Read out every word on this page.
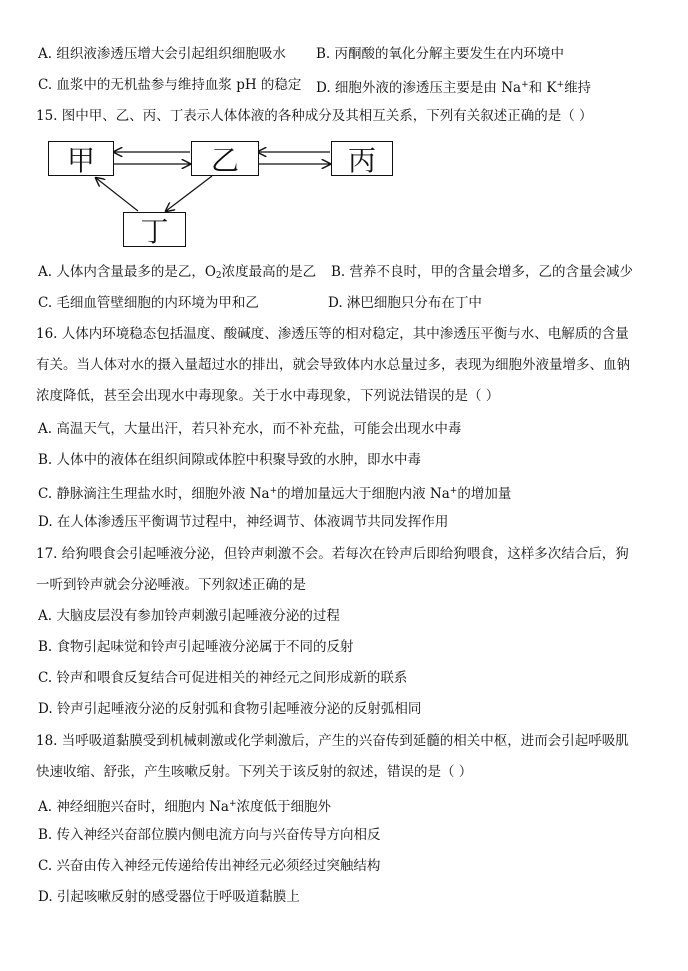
A. 组织液渗透压增大会引起组织细胞吸水 B. 丙酮酸的氧化分解主要发生在内环境中
C. 血浆中的无机盐参与维持血浆 pH 的稳定 D. 细胞外液的渗透压主要是由 Na+和 K+维持
15. 图中甲、乙、丙、丁表示人体体液的各种成分及其相互关系，下列有关叙述正确的是（ ）
甲	乙	丙
丁
A. 人体内含量最多的是乙，$O_2$浓度最高的是乙 B. 营养不良时，甲的含量会增多，乙的含量会减少
C. 毛细血管壁细胞的内环境为甲和乙	D. 淋巴细胞只分布在丁中
16. 人体内环境稳态包括温度、酸碱度、渗透压等的相对稳定，其中渗透压平衡与水、电解质的含量
有关。当人体对水的摄入量超过水的排出，就会导致体内水总量过多，表现为细胞外液量增多、血钠
浓度降低，甚至会出现水中毒现象。关于水中毒现象，下列说法错误的是（ ）
A. 高温天气，大量出汗，若只补充水，而不补充盐，可能会出现水中毒
B. 人体中的液体在组织间隙或体腔中积聚导致的水肿，即水中毒
C. 静脉滴注生理盐水时，细胞外液 Na+的增加量远大于细胞内液 Na+的增加量
D. 在人体渗透压平衡调节过程中，神经调节、体液调节共同发挥作用
17. 给狗喂食会引起唾液分泌，但铃声刺激不会。若每次在铃声后即给狗喂食，这样多次结合后，狗
一听到铃声就会分泌唾液。下列叙述正确的是
A. 大脑皮层没有参加铃声刺激引起唾液分泌的过程
B. 食物引起味觉和铃声引起唾液分泌属于不同的反射
C. 铃声和喂食反复结合可促进相关的神经元之间形成新的联系
D. 铃声引起唾液分泌的反射弧和食物引起唾液分泌的反射弧相同
18. 当呼吸道黏膜受到机械刺激或化学刺激后，产生的兴奋传到延髓的相关中枢，进而会引起呼吸肌
快速收缩、舒张，产生咳嗽反射。下列关于该反射的叙述，错误的是（ ）
A. 神经细胞兴奋时，细胞内 Na+浓度低于细胞外
B. 传入神经兴奋部位膜内侧电流方向与兴奋传导方向相反
C. 兴奋由传入神经元传递给传出神经元必须经过突触结构
D. 引起咳嗽反射的感受器位于呼吸道黏膜上
